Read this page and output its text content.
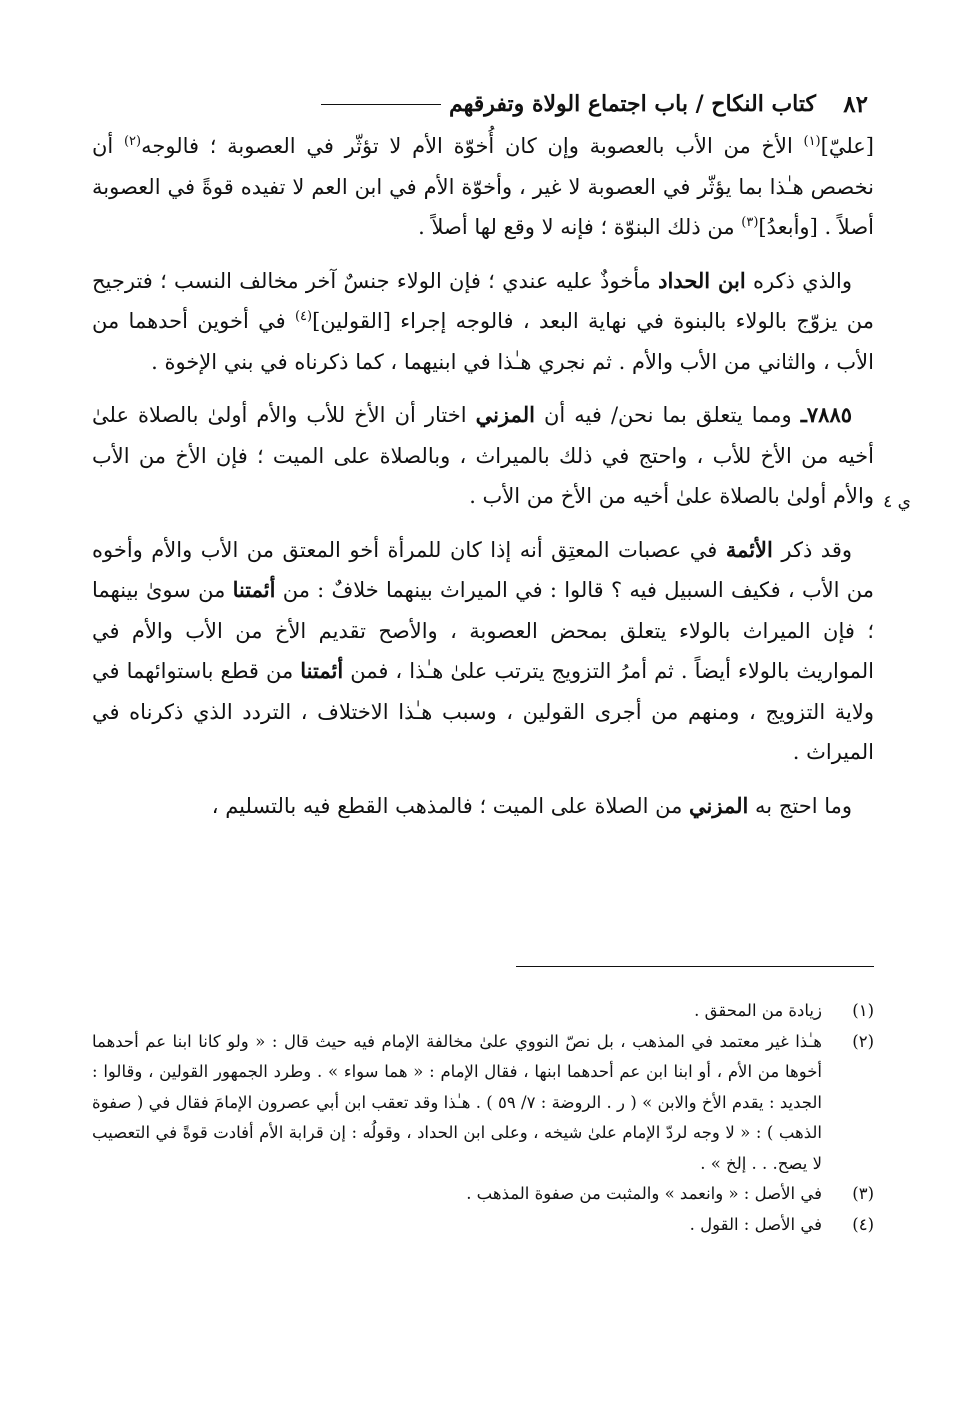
٨٢
كتاب النكاح / باب اجتماع الولاة وتفرقهم
ي ٤

[عليّ]$^{(١)}$ الأخ من الأب بالعصوبة وإن كان أُخوّة الأم لا تؤثّر في العصوبة ؛ فالوجه$^{(٢)}$ أن نخصص هـٰذا بما يؤثّر في العصوبة لا غير ، وأخوّة الأم في ابن العم لا تفيده قوةً في العصوبة أصلاً . [وأبعدُ]$^{(٣)}$ من ذلك البنوّة ؛ فإنه لا وقع لها أصلاً .

والذي ذكره ابن الحداد مأخوذٌ عليه عندي ؛ فإن الولاء جنسٌ آخر مخالف النسب ؛ فترجيح من يزوّج بالولاء بالبنوة في نهاية البعد ، فالوجه إجراء [القولين]$^{(٤)}$ في أخوين أحدهما من الأب ، والثاني من الأب والأم . ثم نجري هـٰذا في ابنيهما ، كما ذكرناه في بني الإخوة .

٧٨٨٥ـ ومما يتعلق بما نحن/ فيه أن المزني اختار أن الأخ للأب والأم أولىٰ بالصلاة علىٰ أخيه من الأخ للأب ، واحتج في ذلك بالميراث ، وبالصلاة على الميت ؛ فإن الأخ من الأب والأم أولىٰ بالصلاة علىٰ أخيه من الأخ من الأب .

وقد ذكر الأئمة في عصبات المعتِق أنه إذا كان للمرأة أخو المعتق من الأب والأم وأخوه من الأب ، فكيف السبيل فيه ؟ قالوا : في الميراث بينهما خلافٌ : من أئمتنا من سوىٰ بينهما ؛ فإن الميراث بالولاء يتعلق بمحض العصوبة ، والأصح تقديم الأخ من الأب والأم في المواريث بالولاء أيضاً . ثم أمرُ التزويج يترتب علىٰ هـٰذا ، فمن أئمتنا من قطع باستوائهما في ولاية التزويج ، ومنهم من أجرى القولين ، وسبب هـٰذا الاختلاف ، التردد الذي ذكرناه في الميراث .

وما احتج به المزني من الصلاة على الميت ؛ فالمذهب القطع فيه بالتسليم ،

(١)
زيادة من المحقق .
(٢)
هـٰذا غير معتمد في المذهب ، بل نصّ النووي علىٰ مخالفة الإمام فيه حيث قال : « ولو كانا ابنا عم أحدهما أخوها من الأم ، أو ابنا ابن عم أحدهما ابنها ، فقال الإمام : « هما سواء » . وطرد الجمهور القولين ، وقالوا : الجديد : يقدم الأخ والابن » ( ر . الروضة : ٧/ ٥٩ ) . هـٰذا وقد تعقب ابن أبي عصرون الإمامَ فقال في ( صفوة الذهب ) : « لا وجه لردّ الإمام علىٰ شيخه ، وعلى ابن الحداد ، وقولُه : إن قرابة الأم أفادت قوةً في التعصيب لا يصح. . . إلخ » .
(٣)
في الأصل : « وانعمد » والمثبت من صفوة المذهب .
(٤)
في الأصل : القول .
